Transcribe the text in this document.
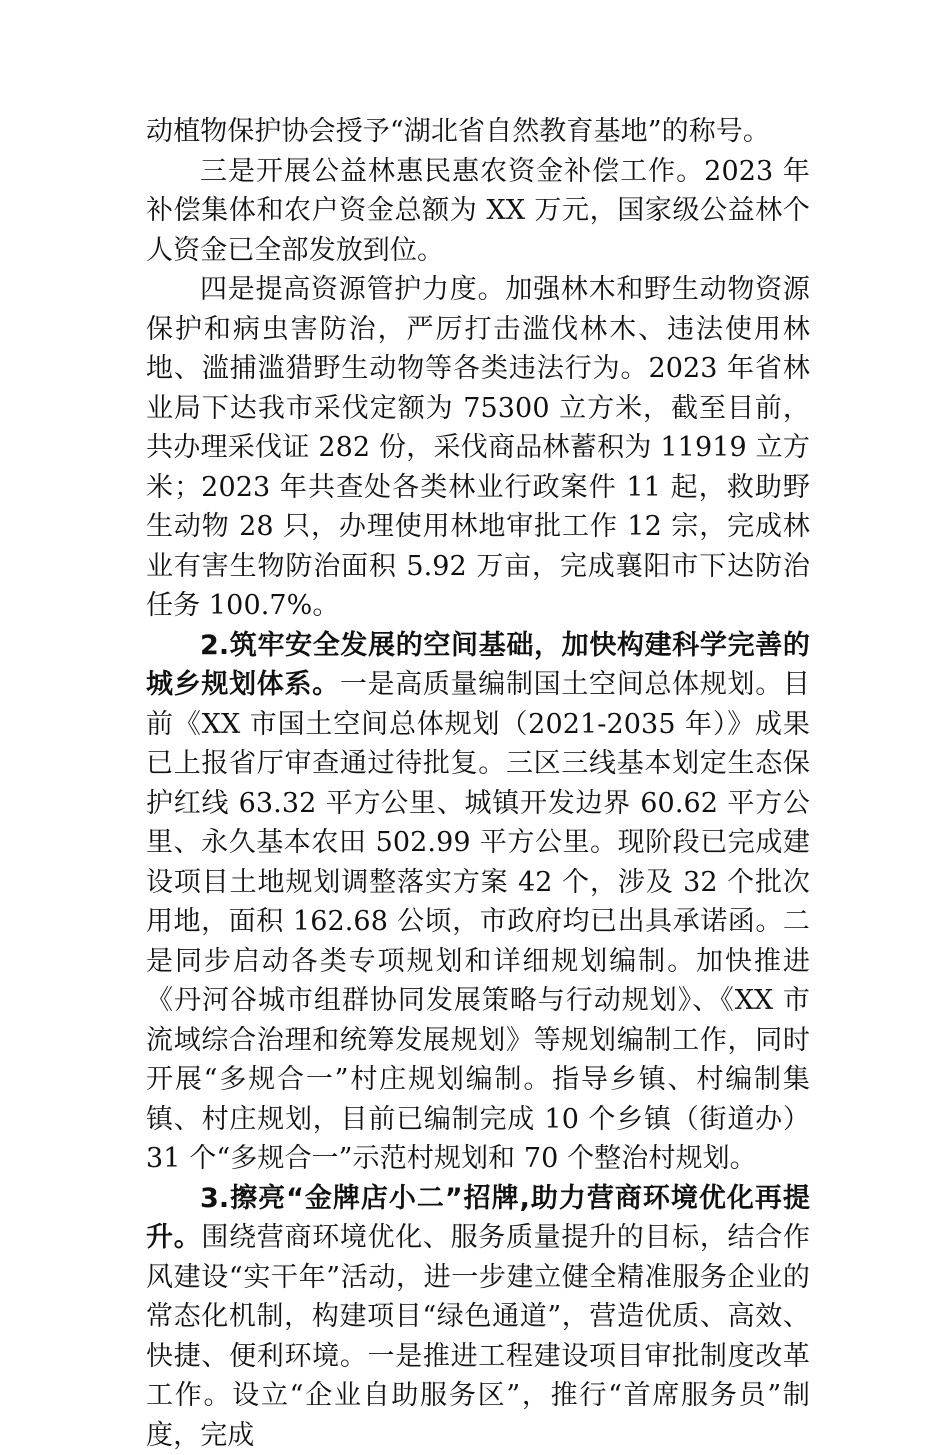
动植物保护协会授予“湖北省自然教育基地”的称号。

三是开展公益林惠民惠农资金补偿工作。2023 年补偿集体和农户资金总额为 XX 万元，国家级公益林个人资金已全部发放到位。

四是提高资源管护力度。加强林木和野生动物资源保护和病虫害防治，严厉打击滥伐林木、违法使用林地、滥捕滥猎野生动物等各类违法行为。2023 年省林业局下达我市采伐定额为 75300 立方米，截至目前，共办理采伐证 282 份，采伐商品林蓄积为 11919 立方米；2023 年共查处各类林业行政案件 11 起，救助野生动物 28 只，办理使用林地审批工作 12 宗，完成林业有害生物防治面积 5.92 万亩，完成襄阳市下达防治任务 100.7%。

2.筑牢安全发展的空间基础，加快构建科学完善的城乡规划体系。一是高质量编制国土空间总体规划。目前《XX 市国土空间总体规划（2021-2035 年）》成果已上报省厅审查通过待批复。三区三线基本划定生态保护红线 63.32 平方公里、城镇开发边界 60.62 平方公里、永久基本农田 502.99 平方公里。现阶段已完成建设项目土地规划调整落实方案 42 个，涉及 32 个批次用地，面积 162.68 公顷，市政府均已出具承诺函。二是同步启动各类专项规划和详细规划编制。加快推进《丹河谷城市组群协同发展策略与行动规划》、《XX 市流域综合治理和统筹发展规划》等规划编制工作，同时开展“多规合一”村庄规划编制。指导乡镇、村编制集镇、村庄规划，目前已编制完成 10 个乡镇（街道办）31 个“多规合一”示范村规划和 70 个整治村规划。

3.擦亮“金牌店小二”招牌,助力营商环境优化再提升。围绕营商环境优化、服务质量提升的目标，结合作风建设“实干年”活动，进一步建立健全精准服务企业的常态化机制，构建项目“绿色通道”，营造优质、高效、快捷、便利环境。一是推进工程建设项目审批制度改革工作。设立“企业自助服务区”，推行“首席服务员”制度，完成
